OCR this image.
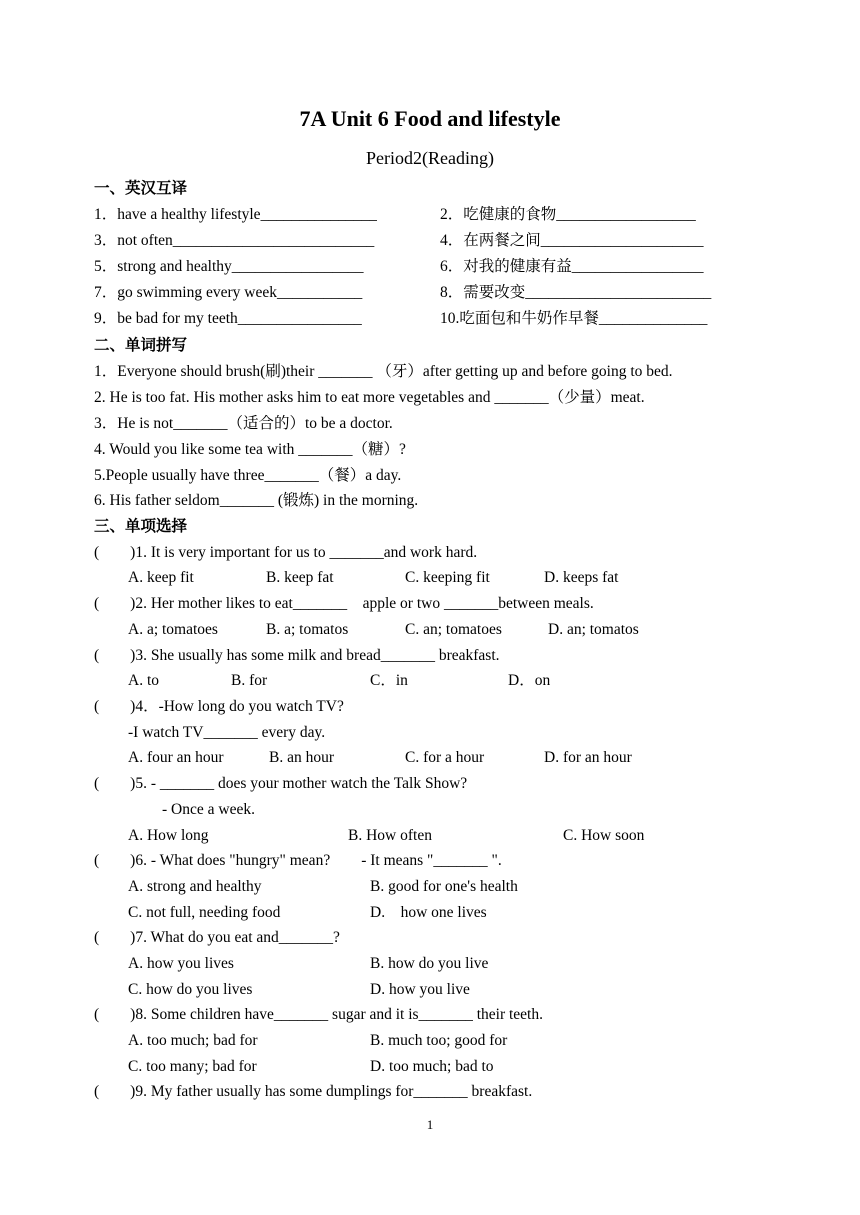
7A Unit 6 Food and lifestyle
Period2(Reading)
一、英汉互译
1．have a healthy lifestyle_______________	2．吃健康的食物__________________
3．not often__________________________	4．在两餐之间_____________________
5．strong and healthy_________________	6．对我的健康有益_________________
7．go swimming every week___________	8．需要改变________________________
9．be bad for my teeth________________	10.吃面包和牛奶作早餐______________
二、单词拼写
1．Everyone should brush(刷)their _______ （牙）after getting up and before going to bed.
2. He is too fat. His mother asks him to eat more vegetables and _______（少量）meat.
3．He is not_______（适合的）to be a doctor.
4. Would you like some tea with _______（糖）?
5.People usually have three_______（餐）a day.
6. His father seldom_______ (锻炼) in the morning.
三、单项选择
(        )1. It is very important for us to _______and work hard.
A. keep fit	B. keep fat	C. keeping fit	D. keeps fat
(        )2. Her mother likes to eat_______    apple or two _______between meals.
A. a; tomatoes	B. a; tomatos	C. an; tomatoes	D. an; tomatos
(        )3. She usually has some milk and bread_______ breakfast.
A. to	B. for	C．in	D．on
(        )4．-How long do you watch TV?
-I watch TV_______ every day.
A. four an hour	B. an hour	C. for a hour	D. for an hour
(        )5. - _______ does your mother watch the Talk Show?
- Once a week.
A. How long	B. How often	C. How soon
(        )6. - What does "hungry" mean?        - It means "_______ ".
A. strong and healthy	B. good for one's health
C. not full, needing food	D.    how one lives
(        )7. What do you eat and_______?
A. how you lives	B. how do you live
C. how do you lives	D. how you live
(        )8. Some children have_______ sugar and it is_______ their teeth.
A. too much; bad for	B. much too; good for
C. too many; bad for	D. too much; bad to
(        )9. My father usually has some dumplings for_______ breakfast.
1
